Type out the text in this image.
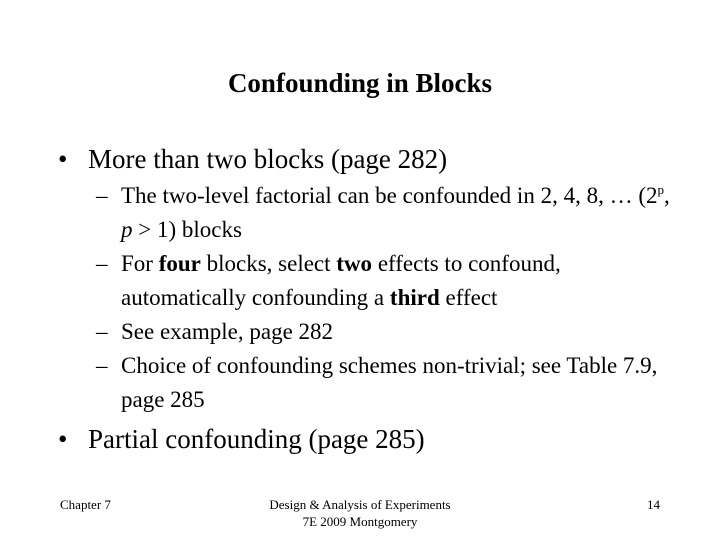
Confounding in Blocks
• More than two blocks (page 282)
– The two-level factorial can be confounded in 2, 4, 8, … (2$^p$, p > 1) blocks
– For four blocks, select two effects to confound, automatically confounding a third effect
– See example, page 282
– Choice of confounding schemes non-trivial; see Table 7.9, page 285
• Partial confounding (page 285)
Chapter 7	Design & Analysis of Experiments
7E 2009 Montgomery
14
